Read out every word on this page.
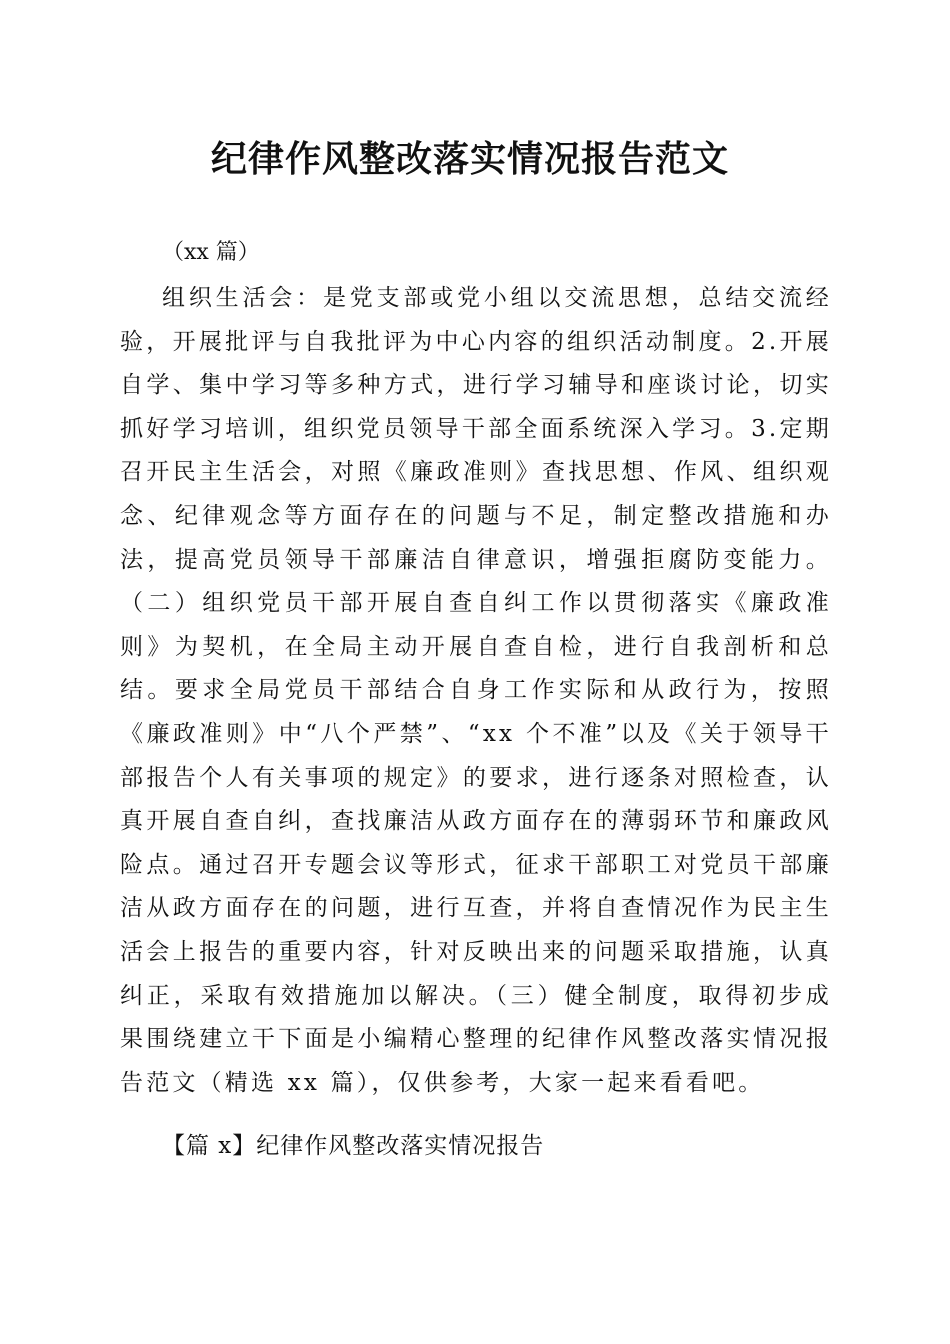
纪律作风整改落实情况报告范文

（xx 篇）

组织生活会：是党支部或党小组以交流思想，总结交流经验，开展批评与自我批评为中心内容的组织活动制度。2.开展自学、集中学习等多种方式，进行学习辅导和座谈讨论，切实抓好学习培训，组织党员领导干部全面系统深入学习。3.定期召开民主生活会，对照《廉政准则》查找思想、作风、组织观念、纪律观念等方面存在的问题与不足，制定整改措施和办法，提高党员领导干部廉洁自律意识，增强拒腐防变能力。（二）组织党员干部开展自查自纠工作以贯彻落实《廉政准则》为契机，在全局主动开展自查自检，进行自我剖析和总结。要求全局党员干部结合自身工作实际和从政行为，按照《廉政准则》中“八个严禁”、“xx 个不准”以及《关于领导干部报告个人有关事项的规定》的要求，进行逐条对照检查，认真开展自查自纠，查找廉洁从政方面存在的薄弱环节和廉政风险点。通过召开专题会议等形式，征求干部职工对党员干部廉洁从政方面存在的问题，进行互查，并将自查情况作为民主生活会上报告的重要内容，针对反映出来的问题采取措施，认真纠正，采取有效措施加以解决。（三）健全制度，取得初步成果围绕建立干下面是小编精心整理的纪律作风整改落实情况报告范文（精选 xx 篇），仅供参考，大家一起来看看吧。

【篇 x】纪律作风整改落实情况报告
